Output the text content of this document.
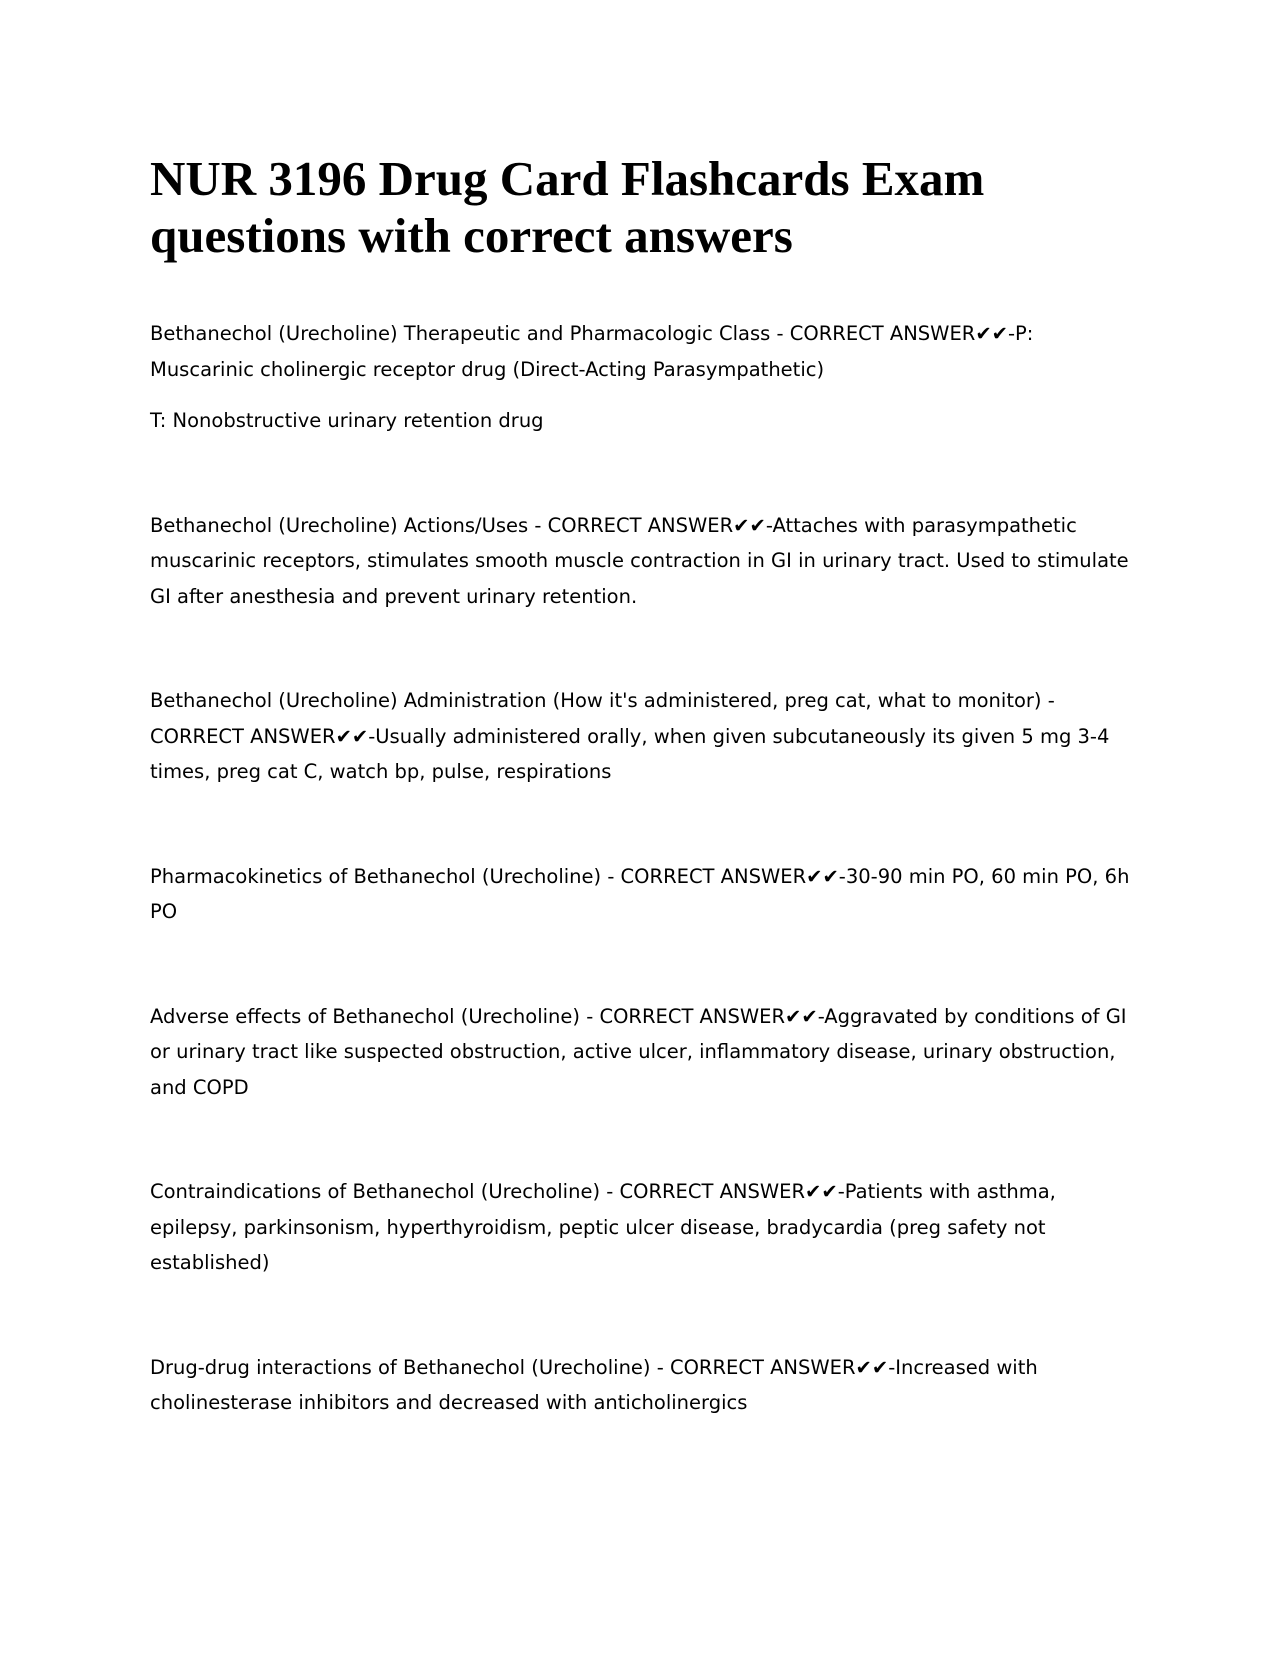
NUR 3196 Drug Card Flashcards Exam questions with correct answers

Bethanechol (Urecholine) Therapeutic and Pharmacologic Class - CORRECT ANSWER✔✔-P: Muscarinic cholinergic receptor drug (Direct-Acting Parasympathetic)

T: Nonobstructive urinary retention drug

Bethanechol (Urecholine) Actions/Uses - CORRECT ANSWER✔✔-Attaches with parasympathetic muscarinic receptors, stimulates smooth muscle contraction in GI in urinary tract. Used to stimulate GI after anesthesia and prevent urinary retention.

Bethanechol (Urecholine) Administration (How it's administered, preg cat, what to monitor) - CORRECT ANSWER✔✔-Usually administered orally, when given subcutaneously its given 5 mg 3-4 times, preg cat C, watch bp, pulse, respirations

Pharmacokinetics of Bethanechol (Urecholine) - CORRECT ANSWER✔✔-30-90 min PO, 60 min PO, 6h PO

Adverse effects of Bethanechol (Urecholine) - CORRECT ANSWER✔✔-Aggravated by conditions of GI or urinary tract like suspected obstruction, active ulcer, inflammatory disease, urinary obstruction, and COPD

Contraindications of Bethanechol (Urecholine) - CORRECT ANSWER✔✔-Patients with asthma, epilepsy, parkinsonism, hyperthyroidism, peptic ulcer disease, bradycardia (preg safety not established)

Drug-drug interactions of Bethanechol (Urecholine) - CORRECT ANSWER✔✔-Increased with cholinesterase inhibitors and decreased with anticholinergics
